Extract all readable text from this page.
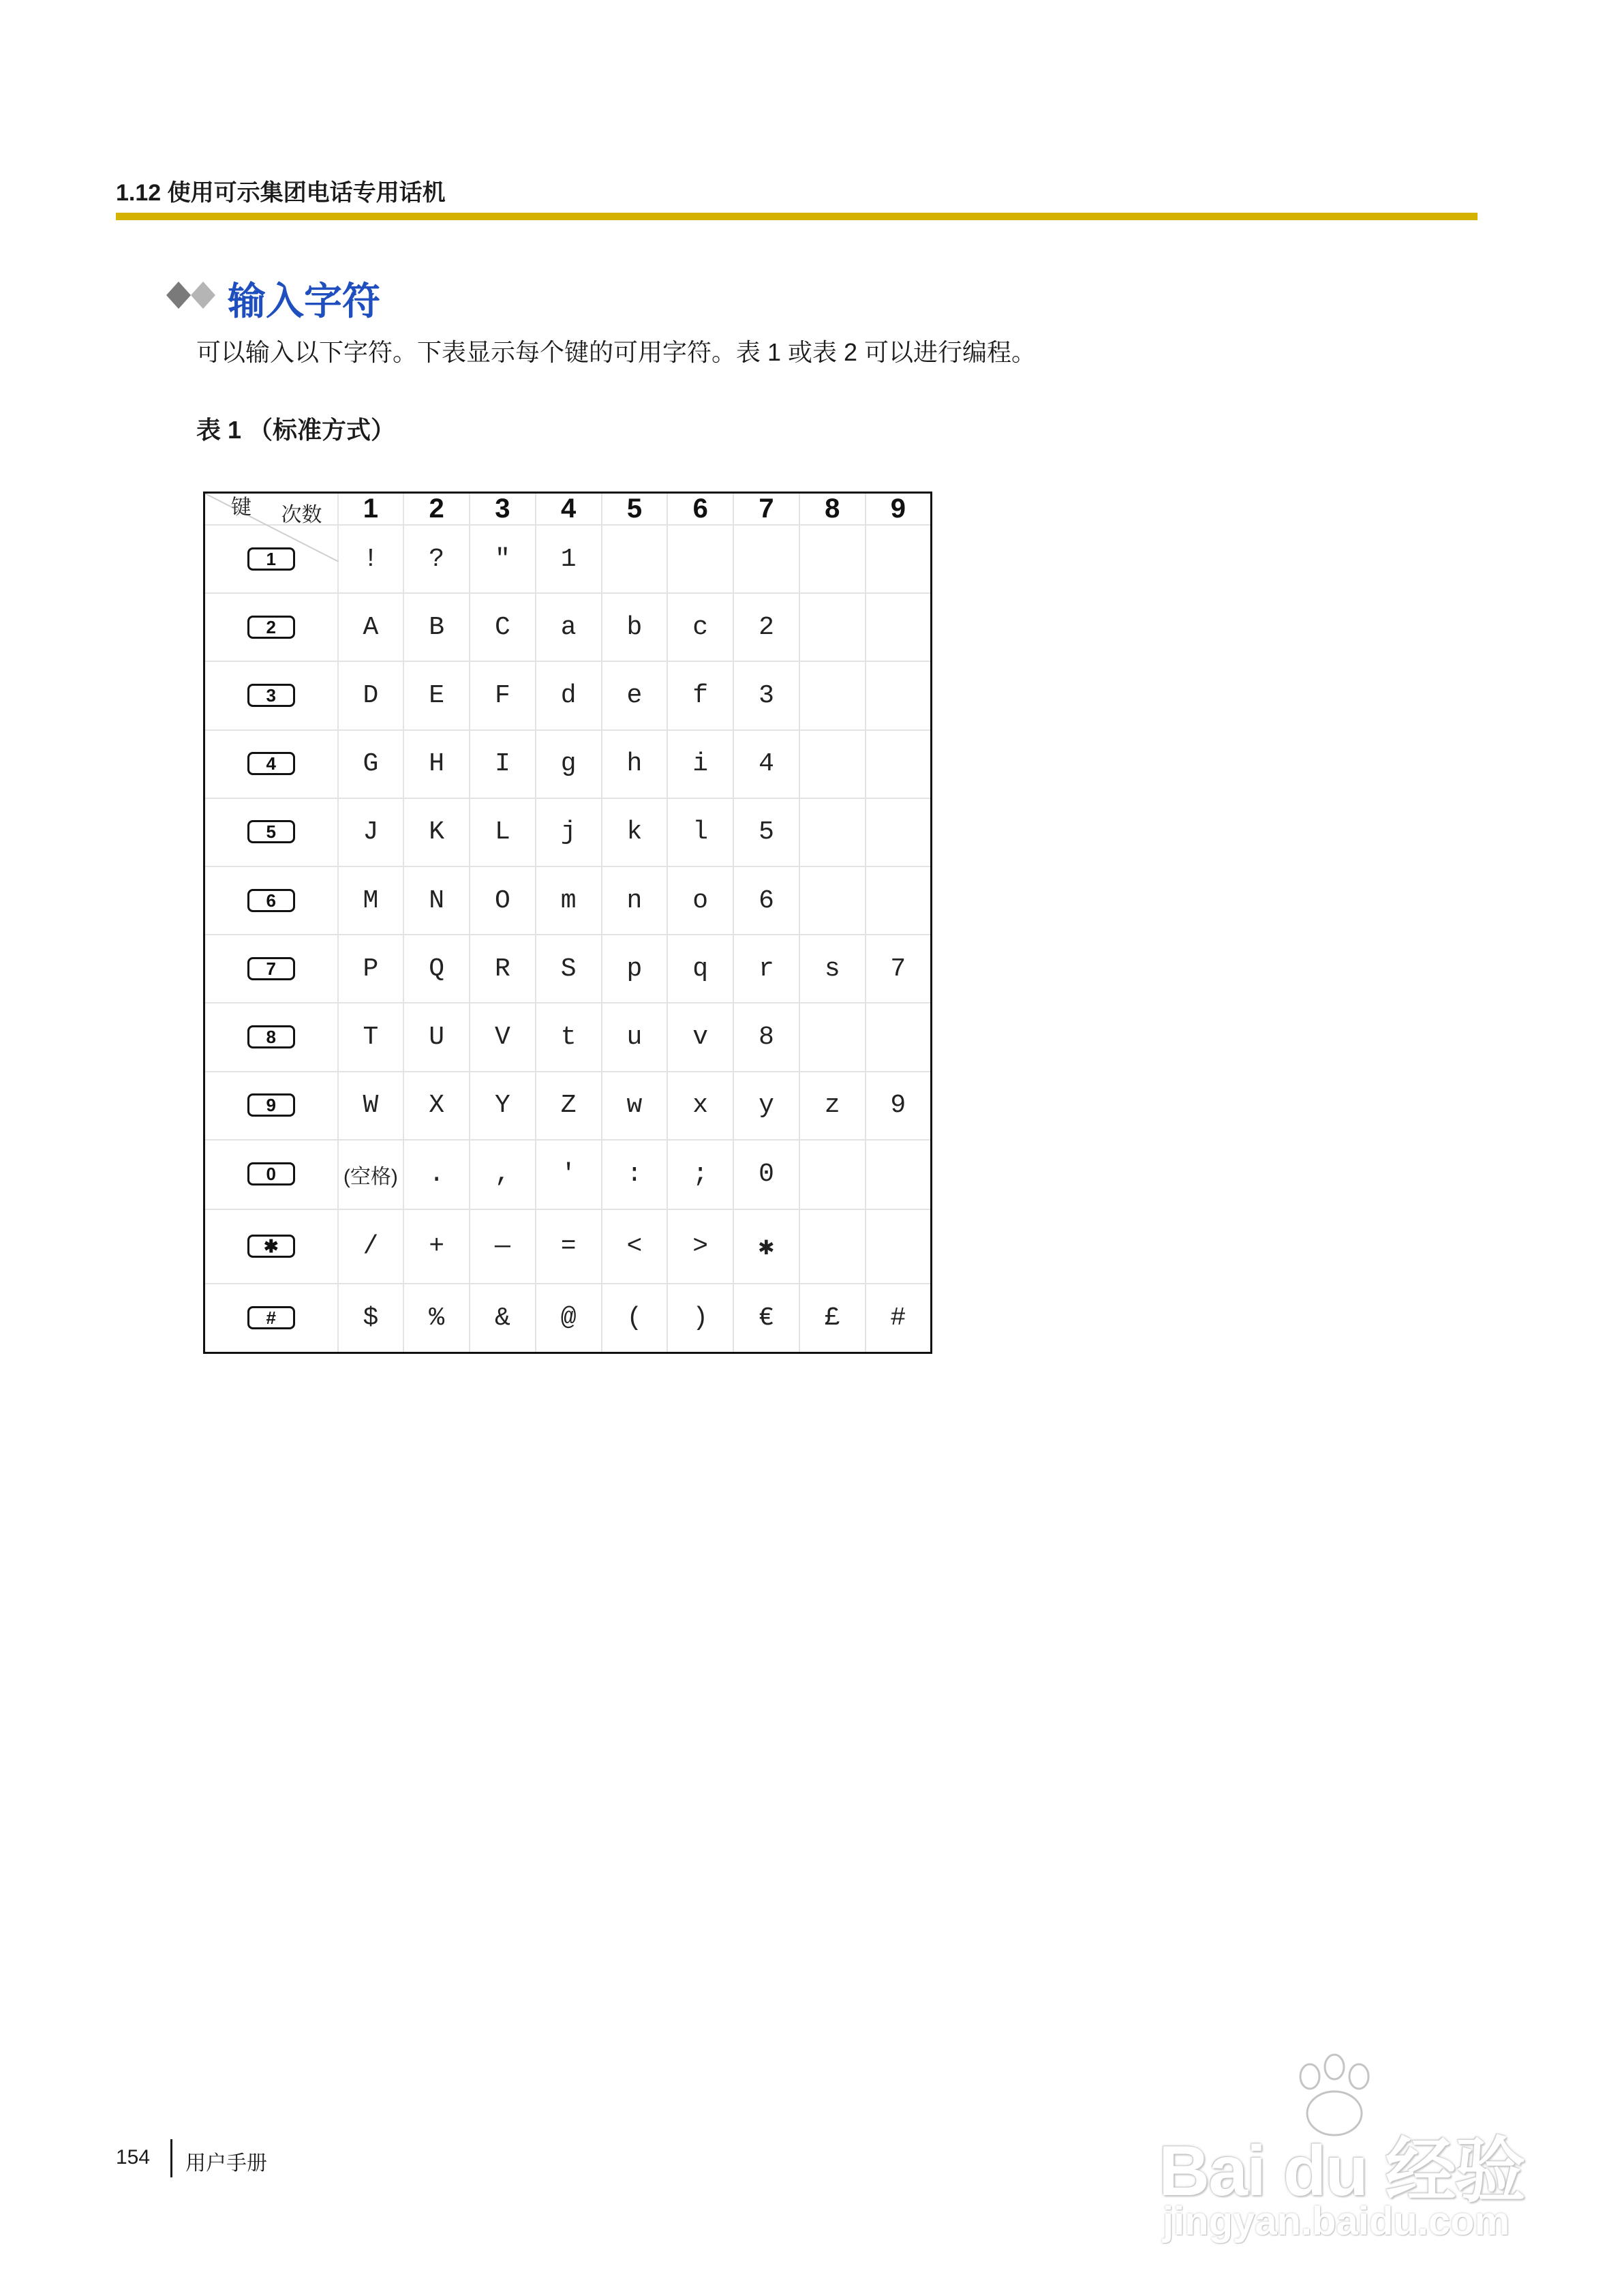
1.12 使用可示集团电话专用话机
输入字符
可以输入以下字符。下表显示每个键的可用字符。表 1 或表 2 可以进行编程。
表 1 （标准方式）
次数
键	1	2	3	4	5	6	7	8	9
1	!	?	"	1					
2	A	B	C	a	b	c	2		
3	D	E	F	d	e	f	3		
4	G	H	I	g	h	i	4		
5	J	K	L	j	k	l	5		
6	M	N	O	m	n	o	6		
7	P	Q	R	S	p	q	r	s	7
8	T	U	V	t	u	v	8		
9	W	X	Y	Z	w	x	y	z	9
0	(空格)	.	,	'	:	;	0		
✱	/	+	—	=	<	>	✱		
#	$	%	&	@	(	)	€	£	#
154 用户手册	Bai du 经验
jingyan.baidu.com
